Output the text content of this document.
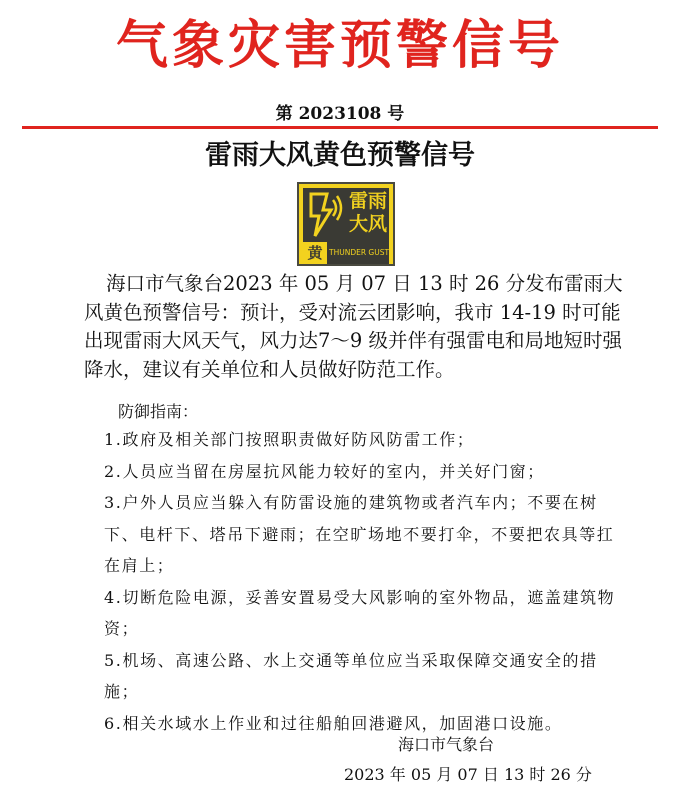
气象灾害预警信号
第 2023108 号
雷雨大风黄色预警信号
雷雨
大风
黄 THUNDER GUST
海口市气象台2023 年 05 月 07 日 13 时 26 分发布雷雨大风黄色预警信号：预计，受对流云团影响，我市 14-19 时可能出现雷雨大风天气，风力达7～9 级并伴有强雷电和局地短时强降水，建议有关单位和人员做好防范工作。
防御指南：
1.政府及相关部门按照职责做好防风防雷工作；
2.人员应当留在房屋抗风能力较好的室内，并关好门窗；
3.户外人员应当躲入有防雷设施的建筑物或者汽车内；不要在树下、电杆下、塔吊下避雨；在空旷场地不要打伞，不要把农具等扛在肩上；
4.切断危险电源，妥善安置易受大风影响的室外物品，遮盖建筑物资；
5.机场、高速公路、水上交通等单位应当采取保障交通安全的措施；
6.相关水域水上作业和过往船舶回港避风，加固港口设施。
海口市气象台
2023 年 05 月 07 日 13 时 26 分
